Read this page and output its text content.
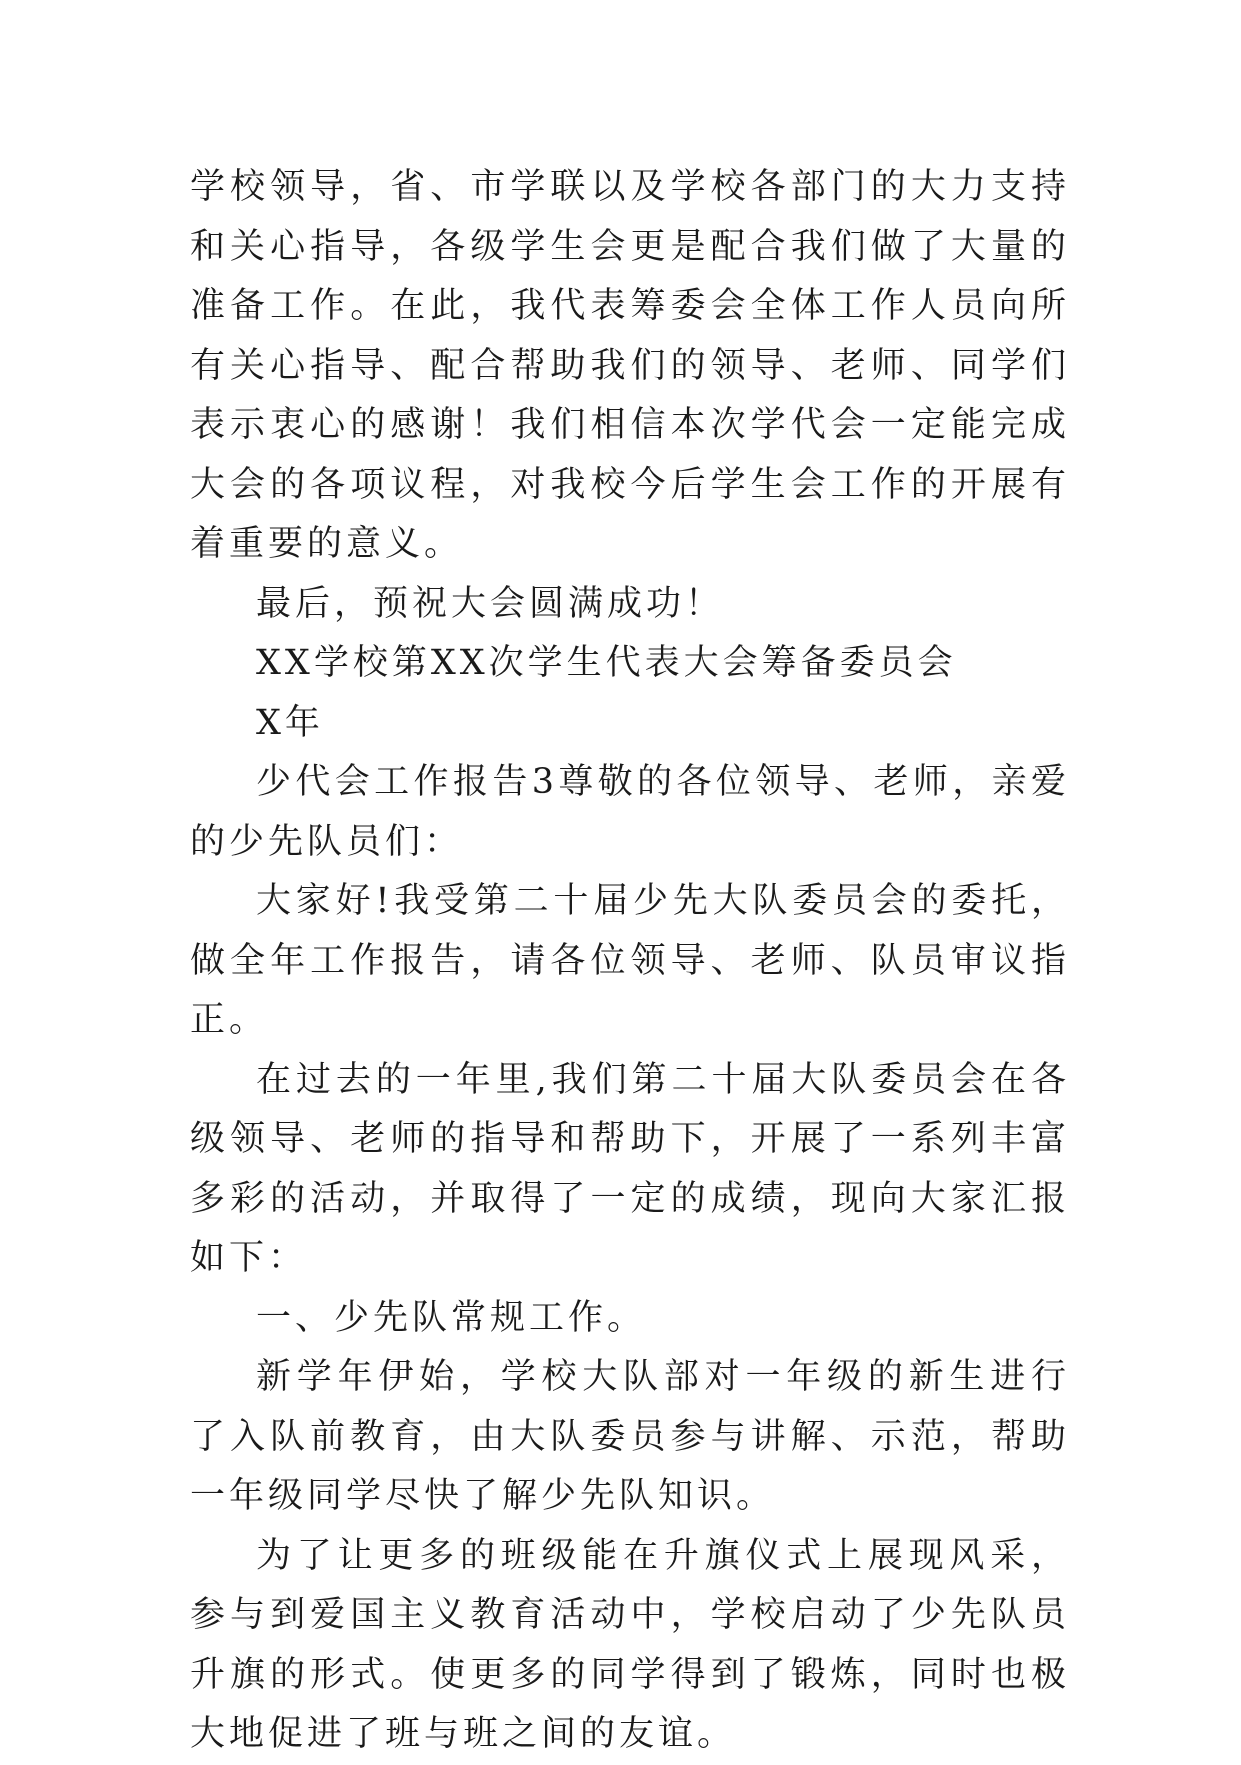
学校领导，省、市学联以及学校各部门的大力支持和关心指导，各级学生会更是配合我们做了大量的准备工作。在此，我代表筹委会全体工作人员向所有关心指导、配合帮助我们的领导、老师、同学们表示衷心的感谢！我们相信本次学代会一定能完成大会的各项议程，对我校今后学生会工作的开展有着重要的意义。

最后，预祝大会圆满成功！

XX学校第XX次学生代表大会筹备委员会

X年

少代会工作报告3尊敬的各位领导、老师，亲爱的少先队员们：

大家好!我受第二十届少先大队委员会的委托，做全年工作报告，请各位领导、老师、队员审议指正。

在过去的一年里,我们第二十届大队委员会在各级领导、老师的指导和帮助下，开展了一系列丰富多彩的活动，并取得了一定的成绩，现向大家汇报如下：

一、少先队常规工作。

新学年伊始，学校大队部对一年级的新生进行了入队前教育，由大队委员参与讲解、示范，帮助一年级同学尽快了解少先队知识。

为了让更多的班级能在升旗仪式上展现风采，参与到爱国主义教育活动中，学校启动了少先队员升旗的形式。使更多的同学得到了锻炼，同时也极大地促进了班与班之间的友谊。
